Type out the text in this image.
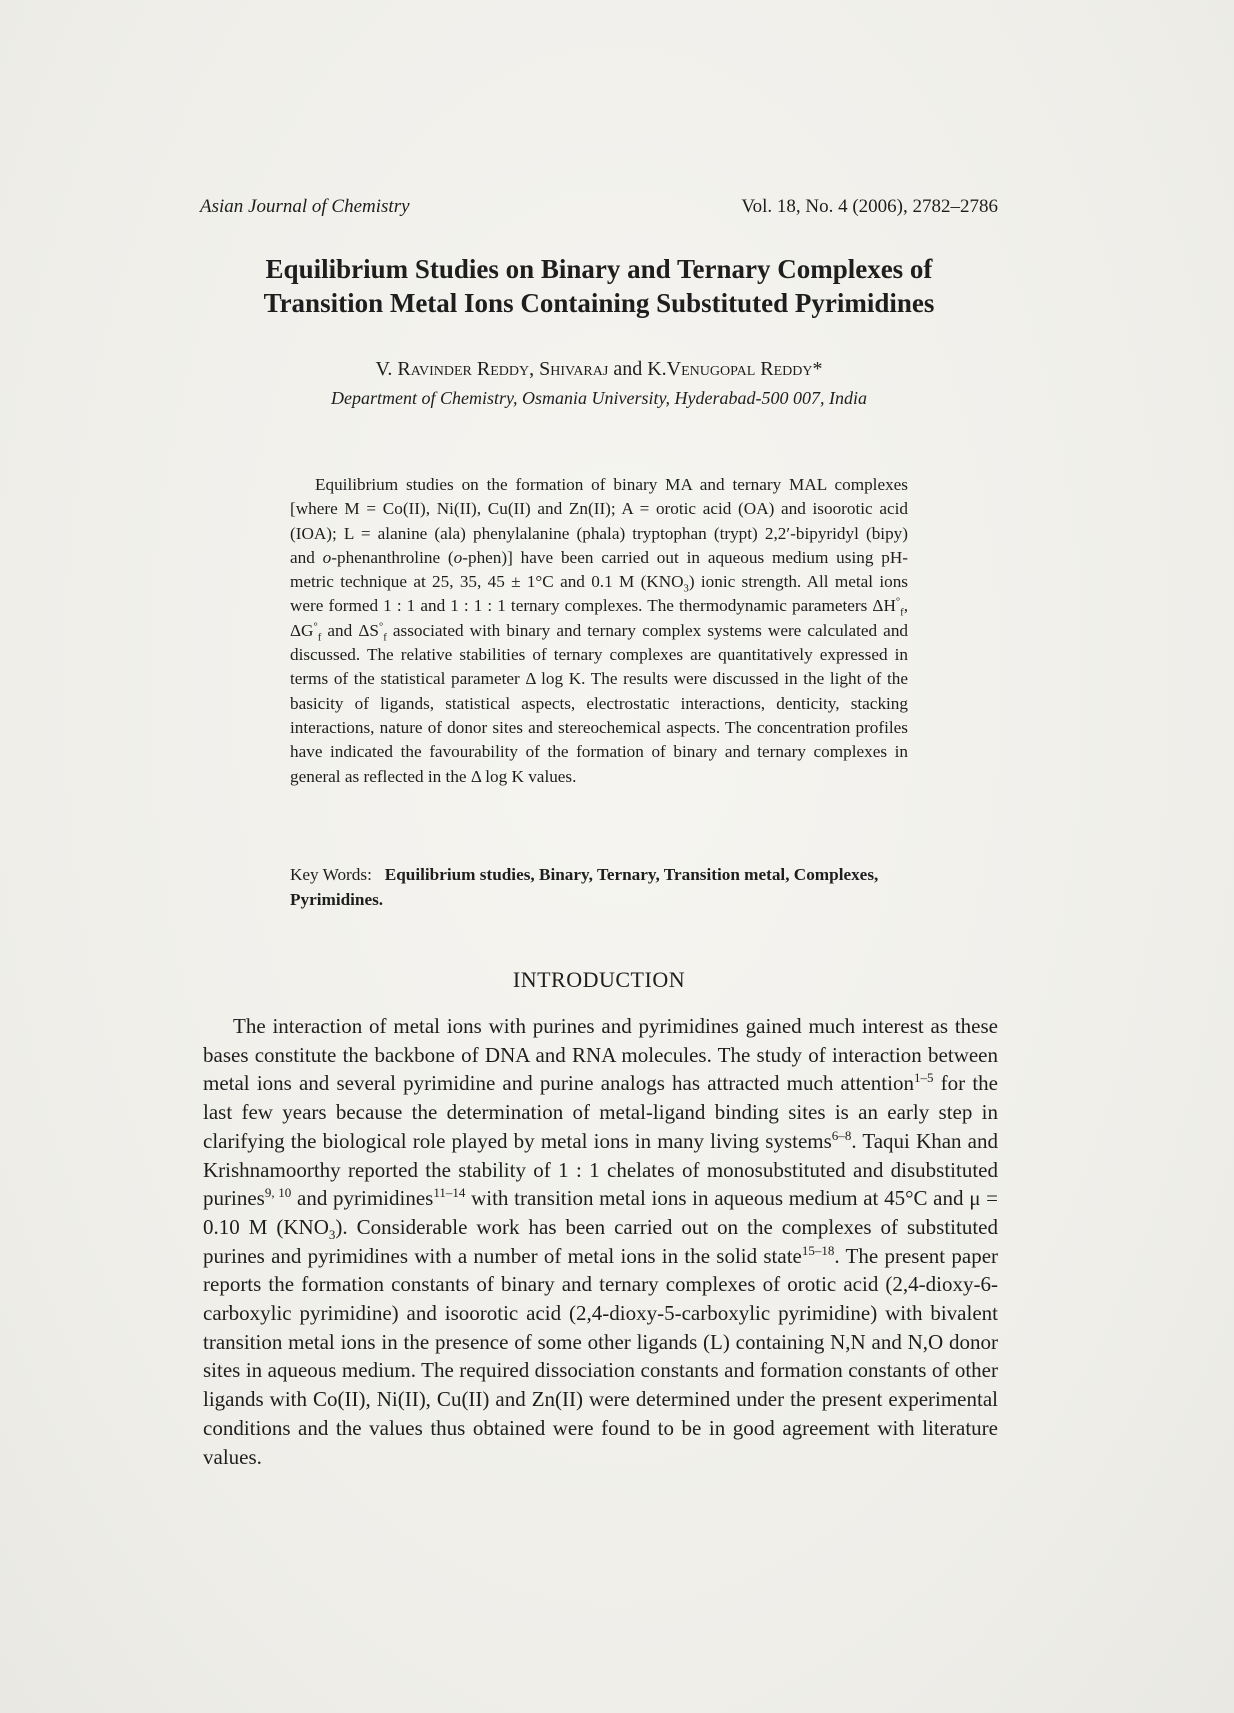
Asian Journal of Chemistry	Vol. 18, No. 4 (2006), 2782–2786
Equilibrium Studies on Binary and Ternary Complexes of
Transition Metal Ions Containing Substituted Pyrimidines
V. Ravinder Reddy, Shivaraj and K.Venugopal Reddy*
Department of Chemistry, Osmania University, Hyderabad-500 007, India

Equilibrium studies on the formation of binary MA and ternary MAL complexes [where M = Co(II), Ni(II), Cu(II) and Zn(II); A = orotic acid (OA) and isoorotic acid (IOA); L = alanine (ala) phenylalanine (phala) tryptophan (trypt) 2,2′-bipyridyl (bipy) and o-phenanthroline (o-phen)] have been carried out in aqueous medium using pH-metric technique at 25, 35, 45 ± 1°C and 0.1 M $(KNO_3)$ ionic strength. All metal ions were formed 1 : 1 and 1 : 1 : 1 ternary complexes. The thermodynamic parameters $\Delta H^\circ_f$, $\Delta G^\circ_f$ and $\Delta S^\circ_f$ associated with binary and ternary complex systems were calculated and discussed. The relative stabilities of ternary complexes are quantitatively expressed in terms of the statistical parameter Δ log K. The results were discussed in the light of the basicity of ligands, statistical aspects, electrostatic interactions, denticity, stacking interactions, nature of donor sites and stereochemical aspects. The concentration profiles have indicated the favourability of the formation of binary and ternary complexes in general as reflected in the Δ log K values.

Key Words: Equilibrium studies, Binary, Ternary, Transition metal, Complexes, Pyrimidines.

INTRODUCTION

The interaction of metal ions with purines and pyrimidines gained much interest as these bases constitute the backbone of DNA and RNA molecules. The study of interaction between metal ions and several pyrimidine and purine analogs has attracted much attention$^{1-5}$ for the last few years because the determination of metal-ligand binding sites is an early step in clarifying the biological role played by metal ions in many living systems$^{6-8}$. Taqui Khan and Krishnamoorthy reported the stability of 1 : 1 chelates of monosubstituted and disubstituted purines$^{9, 10}$ and pyrimidines$^{11-14}$ with transition metal ions in aqueous medium at 45°C and μ = 0.10 M $(KNO_3)$. Considerable work has been carried out on the complexes of substituted purines and pyrimidines with a number of metal ions in the solid state$^{15-18}$. The present paper reports the formation constants of binary and ternary complexes of orotic acid (2,4-dioxy-6-carboxylic pyrimidine) and isoorotic acid (2,4-dioxy-5-carboxylic pyrimidine) with bivalent transition metal ions in the presence of some other ligands (L) containing N,N and N,O donor sites in aqueous medium. The required dissociation constants and formation constants of other ligands with Co(II), Ni(II), Cu(II) and Zn(II) were determined under the present experimental conditions and the values thus obtained were found to be in good agreement with literature values.
